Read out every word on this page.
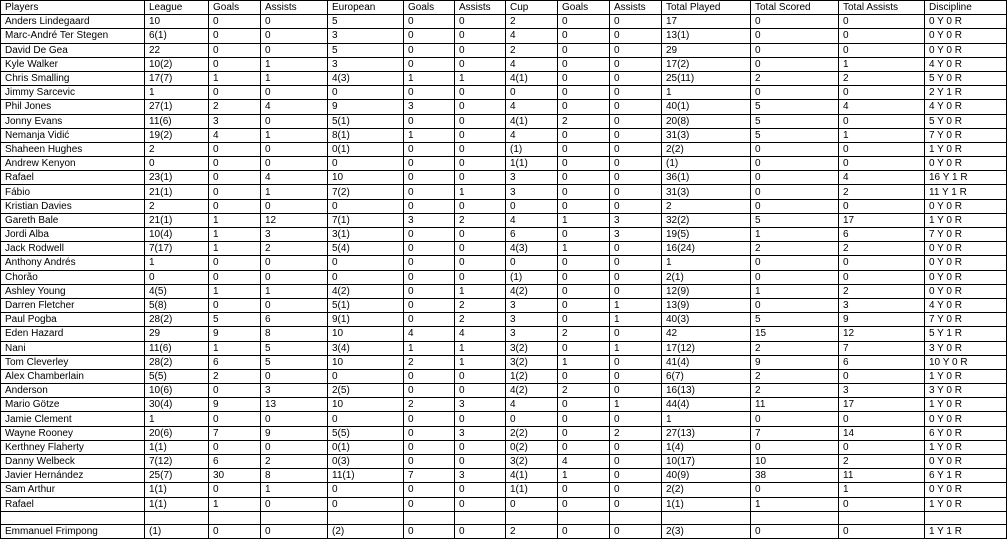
Players	League	Goals	Assists	European	Goals	Assists	Cup	Goals	Assists	Total Played	Total Scored	Total Assists	Discipline
Anders Lindegaard	10	0	0	5	0	0	2	0	0	17	0	0	0 Y 0 R
Marc-André Ter Stegen	6(1)	0	0	3	0	0	4	0	0	13(1)	0	0	0 Y 0 R
David De Gea	22	0	0	5	0	0	2	0	0	29	0	0	0 Y 0 R
Kyle Walker	10(2)	0	1	3	0	0	4	0	0	17(2)	0	1	4 Y 0 R
Chris Smalling	17(7)	1	1	4(3)	1	1	4(1)	0	0	25(11)	2	2	5 Y 0 R
Jimmy Sarcevic	1	0	0	0	0	0	0	0	0	1	0	0	2 Y 1 R
Phil Jones	27(1)	2	4	9	3	0	4	0	0	40(1)	5	4	4 Y 0 R
Jonny Evans	11(6)	3	0	5(1)	0	0	4(1)	2	0	20(8)	5	0	5 Y 0 R
Nemanja Vidić	19(2)	4	1	8(1)	1	0	4	0	0	31(3)	5	1	7 Y 0 R
Shaheen Hughes	2	0	0	0(1)	0	0	(1)	0	0	2(2)	0	0	1 Y 0 R
Andrew Kenyon	0	0	0	0	0	0	1(1)	0	0	(1)	0	0	0 Y 0 R
Rafael	23(1)	0	4	10	0	0	3	0	0	36(1)	0	4	16 Y 1 R
Fábio	21(1)	0	1	7(2)	0	1	3	0	0	31(3)	0	2	11 Y 1 R
Kristian Davies	2	0	0	0	0	0	0	0	0	2	0	0	0 Y 0 R
Gareth Bale	21(1)	1	12	7(1)	3	2	4	1	3	32(2)	5	17	1 Y 0 R
Jordi Alba	10(4)	1	3	3(1)	0	0	6	0	3	19(5)	1	6	7 Y 0 R
Jack Rodwell	7(17)	1	2	5(4)	0	0	4(3)	1	0	16(24)	2	2	0 Y 0 R
Anthony Andrés	1	0	0	0	0	0	0	0	0	1	0	0	0 Y 0 R
Chorão	0	0	0	0	0	0	(1)	0	0	2(1)	0	0	0 Y 0 R
Ashley Young	4(5)	1	1	4(2)	0	1	4(2)	0	0	12(9)	1	2	0 Y 0 R
Darren Fletcher	5(8)	0	0	5(1)	0	2	3	0	1	13(9)	0	3	4 Y 0 R
Paul Pogba	28(2)	5	6	9(1)	0	2	3	0	1	40(3)	5	9	7 Y 0 R
Eden Hazard	29	9	8	10	4	4	3	2	0	42	15	12	5 Y 1 R
Nani	11(6)	1	5	3(4)	1	1	3(2)	0	1	17(12)	2	7	3 Y 0 R
Tom Cleverley	28(2)	6	5	10	2	1	3(2)	1	0	41(4)	9	6	10 Y 0 R
Alex Chamberlain	5(5)	2	0	0	0	0	1(2)	0	0	6(7)	2	0	1 Y 0 R
Anderson	10(6)	0	3	2(5)	0	0	4(2)	2	0	16(13)	2	3	3 Y 0 R
Mario Götze	30(4)	9	13	10	2	3	4	0	1	44(4)	11	17	1 Y 0 R
Jamie Clement	1	0	0	0	0	0	0	0	0	1	0	0	0 Y 0 R
Wayne Rooney	20(6)	7	9	5(5)	0	3	2(2)	0	2	27(13)	7	14	6 Y 0 R
Kerthney Flaherty	1(1)	0	0	0(1)	0	0	0(2)	0	0	1(4)	0	0	1 Y 0 R
Danny Welbeck	7(12)	6	2	0(3)	0	0	3(2)	4	0	10(17)	10	2	0 Y 0 R
Javier Hernández	25(7)	30	8	11(1)	7	3	4(1)	1	0	40(9)	38	11	6 Y 1 R
Sam Arthur	1(1)	0	1	0	0	0	1(1)	0	0	2(2)	0	1	0 Y 0 R
Rafael	1(1)	1	0	0	0	0	0	0	0	1(1)	1	0	1 Y 0 R

Emmanuel Frimpong	(1)	0	0	(2)	0	0	2	0	0	2(3)	0	0	1 Y 1 R
